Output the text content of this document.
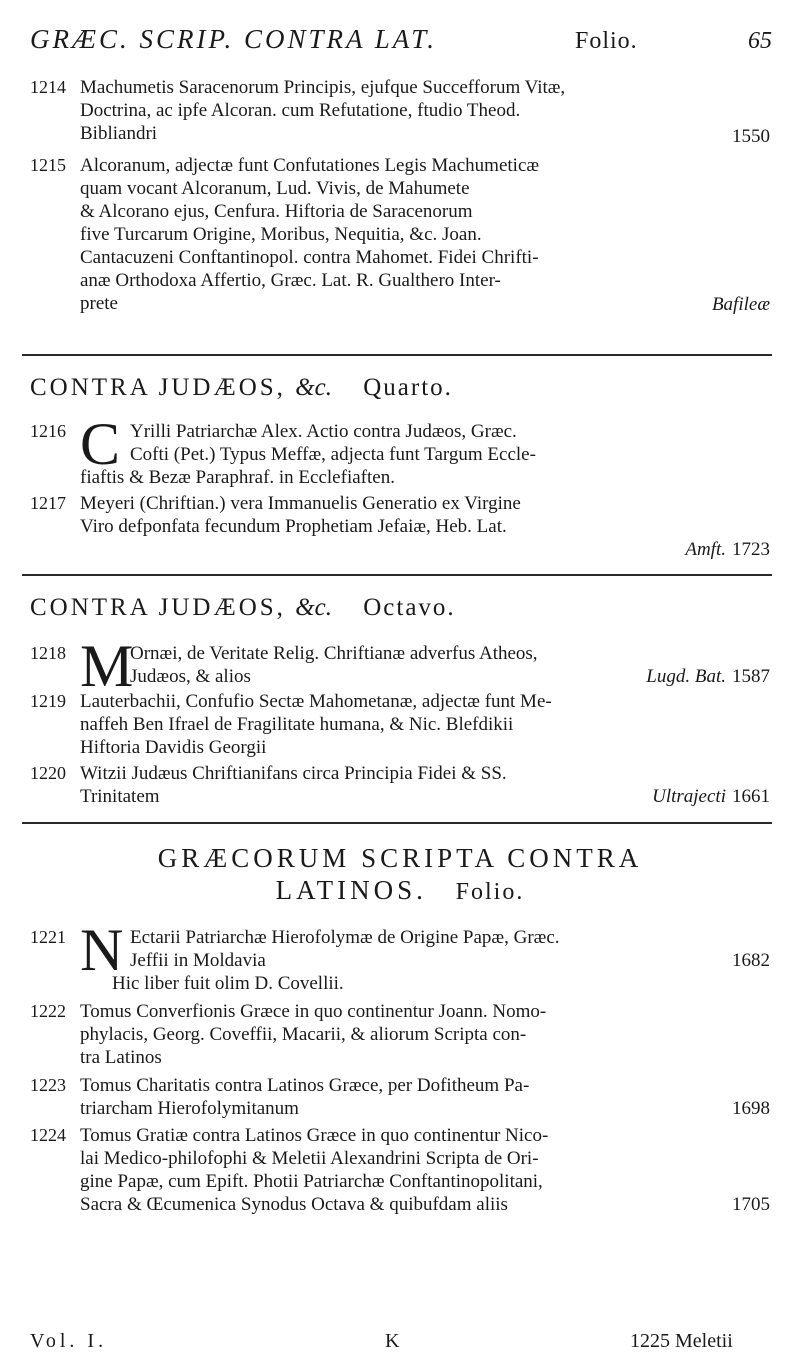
GRÆC. SCRIP. CONTRA LAT.	Folio.	65
1214 Machumetis Saracenorum Principis, ejufque Succefforum Vitæ,
Doctrina, ac ipfe Alcoran. cum Refutatione, ftudio Theod.
Bibliandri	1550
1215 Alcoranum, adjectæ funt Confutationes Legis Machumeticæ
quam vocant Alcoranum, Lud. Vivis, de Mahumete
& Alcorano ejus, Cenfura. Hiftoria de Saracenorum
five Turcarum Origine, Moribus, Nequitia, &c. Joan.
Cantacuzeni Conftantinopol. contra Mahomet. Fidei Chrifti-
anæ Orthodoxa Affertio, Græc. Lat. R. Gualthero Inter-
prete	Bafileæ
CONTRA JUDÆOS, &c. Quarto.
C
1216	Yrilli Patriarchæ Alex. Actio contra Judæos, Græc.
Cofti (Pet.) Typus Meffæ, adjecta funt Targum Eccle-
fiaftis & Bezæ Paraphraf. in Ecclefiaften.
1217 Meyeri (Chriftian.) vera Immanuelis Generatio ex Virgine
Viro defponfata fecundum Prophetiam Jefaiæ, Heb. Lat.
Amft. 1723
CONTRA JUDÆOS, &c. Octavo.
M
1218	Ornæi, de Veritate Relig. Chriftianæ adverfus Atheos,
Judæos, & alios	Lugd. Bat. 1587
1219 Lauterbachii, Confufio Sectæ Mahometanæ, adjectæ funt Me-
naffeh Ben Ifrael de Fragilitate humana, & Nic. Blefdikii
Hiftoria Davidis Georgii
1220 Witzii Judæus Chriftianifans circa Principia Fidei & SS.
Trinitatem	Ultrajecti 1661
GRÆCORUM SCRIPTA CONTRA
LATINOS. Folio.
N
1221	Ectarii Patriarchæ Hierofolymæ de Origine Papæ, Græc.
Jeffii in Moldavia	1682
Hic liber fuit olim D. Covellii.
1222 Tomus Converfionis Græce in quo continentur Joann. Nomo-
phylacis, Georg. Coveffii, Macarii, & aliorum Scripta con-
tra Latinos
1223 Tomus Charitatis contra Latinos Græce, per Dofitheum Pa-
triarcham Hierofolymitanum	1698
1224 Tomus Gratiæ contra Latinos Græce in quo continentur Nico-
lai Medico-philofophi & Meletii Alexandrini Scripta de Ori-
gine Papæ, cum Epift. Photii Patriarchæ Conftantinopolitani,
Sacra & Œcumenica Synodus Octava & quibufdam aliis	1705
Vol. I.	K	1225 Meletii
